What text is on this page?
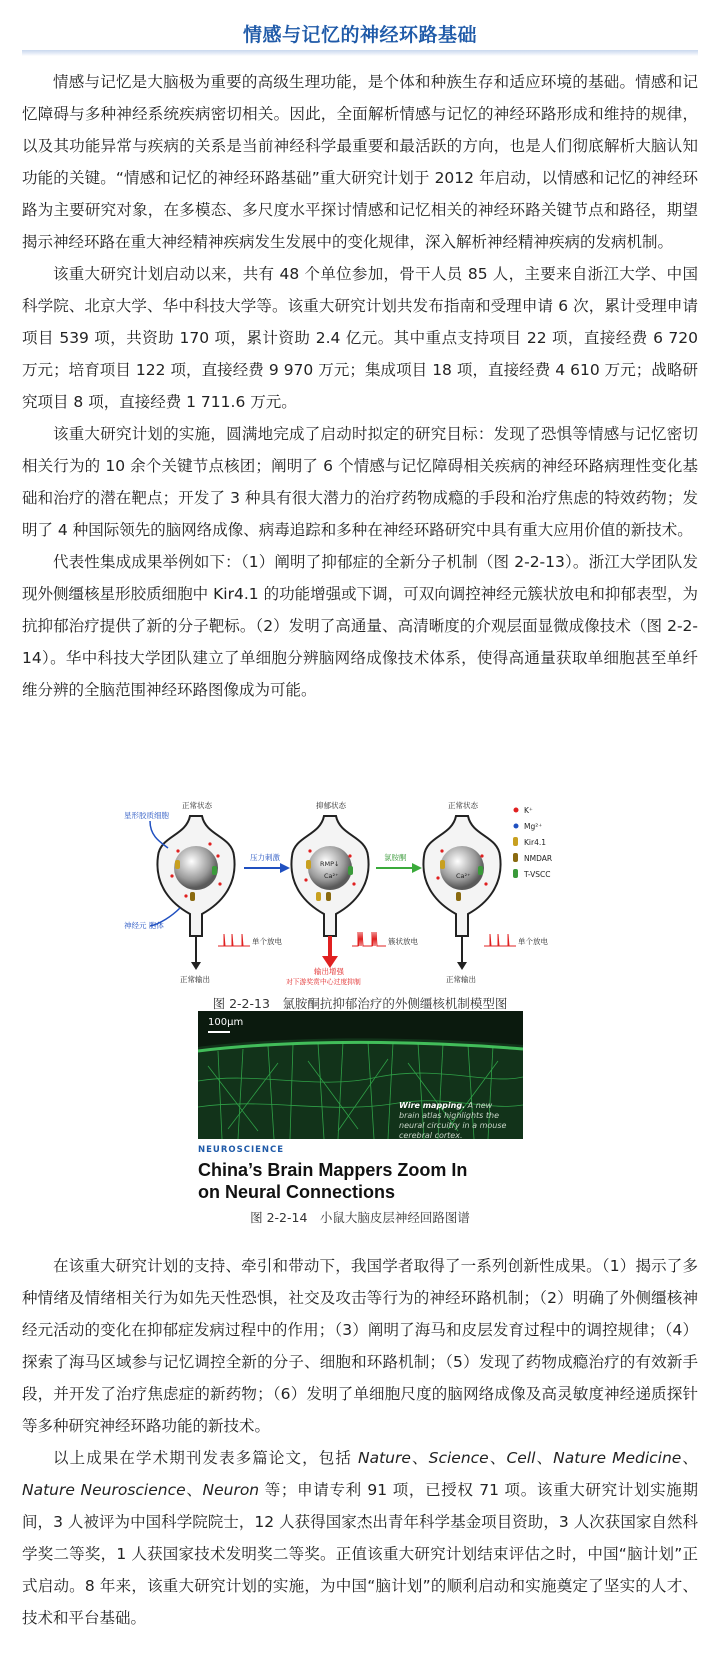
情感与记忆的神经环路基础

情感与记忆是大脑极为重要的高级生理功能，是个体和种族生存和适应环境的基础。情感和记忆障碍与多种神经系统疾病密切相关。因此，全面解析情感与记忆的神经环路形成和维持的规律，以及其功能异常与疾病的关系是当前神经科学最重要和最活跃的方向，也是人们彻底解析大脑认知功能的关键。“情感和记忆的神经环路基础”重大研究计划于 2012 年启动，以情感和记忆的神经环路为主要研究对象，在多模态、多尺度水平探讨情感和记忆相关的神经环路关键节点和路径，期望揭示神经环路在重大神经精神疾病发生发展中的变化规律，深入解析神经精神疾病的发病机制。

该重大研究计划启动以来，共有 48 个单位参加，骨干人员 85 人，主要来自浙江大学、中国科学院、北京大学、华中科技大学等。该重大研究计划共发布指南和受理申请 6 次，累计受理申请项目 539 项，共资助 170 项，累计资助 2.4 亿元。其中重点支持项目 22 项，直接经费 6 720 万元；培育项目 122 项，直接经费 9 970 万元；集成项目 18 项，直接经费 4 610 万元；战略研究项目 8 项，直接经费 1 711.6 万元。

该重大研究计划的实施，圆满地完成了启动时拟定的研究目标：发现了恐惧等情感与记忆密切相关行为的 10 余个关键节点核团；阐明了 6 个情感与记忆障碍相关疾病的神经环路病理性变化基础和治疗的潜在靶点；开发了 3 种具有很大潜力的治疗药物成瘾的手段和治疗焦虑的特效药物；发明了 4 种国际领先的脑网络成像、病毒追踪和多种在神经环路研究中具有重大应用价值的新技术。

代表性集成成果举例如下：（1）阐明了抑郁症的全新分子机制（图 2-2-13）。浙江大学团队发现外侧缰核星形胶质细胞中 Kir4.1 的功能增强或下调，可双向调控神经元簇状放电和抑郁表型，为抗抑郁治疗提供了新的分子靶标。（2）发明了高通量、高清晰度的介观层面显微成像技术（图 2-2-14）。华中科技大学团队建立了单细胞分辨脑网络成像技术体系，使得高通量获取单细胞甚至单纤维分辨的全脑范围神经环路图像成为可能。

正常状态
星形胶质细胞
神经元 胞体
正常输出
单个放电
压力刺激
抑郁状态
RMP↓
Ca²⁺
簇状放电
输出增强
对下游奖赏中心过度抑制
氯胺酮
正常状态
Ca²⁺
单个放电
正常输出
K⁺
Mg²⁺
Kir4.1
NMDAR
T-VSCC
图 2-2-13　氯胺酮抗抑郁治疗的外侧缰核机制模型图
100μm
Wire mapping. A new brain atlas highlights the neural circuitry in a mouse cerebral cortex.
NEUROSCIENCE
China’s Brain Mappers Zoom In
on Neural Connections
图 2-2-14　小鼠大脑皮层神经回路图谱

在该重大研究计划的支持、牵引和带动下，我国学者取得了一系列创新性成果。（1）揭示了多种情绪及情绪相关行为如先天性恐惧，社交及攻击等行为的神经环路机制；（2）明确了外侧缰核神经元活动的变化在抑郁症发病过程中的作用；（3）阐明了海马和皮层发育过程中的调控规律；（4）探索了海马区域参与记忆调控全新的分子、细胞和环路机制；（5）发现了药物成瘾治疗的有效新手段，并开发了治疗焦虑症的新药物；（6）发明了单细胞尺度的脑网络成像及高灵敏度神经递质探针等多种研究神经环路功能的新技术。

以上成果在学术期刊发表多篇论文，包括 Nature、Science、Cell、Nature Medicine、Nature Neuroscience、Neuron 等；申请专利 91 项，已授权 71 项。该重大研究计划实施期间，3 人被评为中国科学院院士，12 人获得国家杰出青年科学基金项目资助，3 人次获国家自然科学奖二等奖，1 人获国家技术发明奖二等奖。正值该重大研究计划结束评估之时，中国“脑计划”正式启动。8 年来，该重大研究计划的实施，为中国“脑计划”的顺利启动和实施奠定了坚实的人才、技术和平台基础。
